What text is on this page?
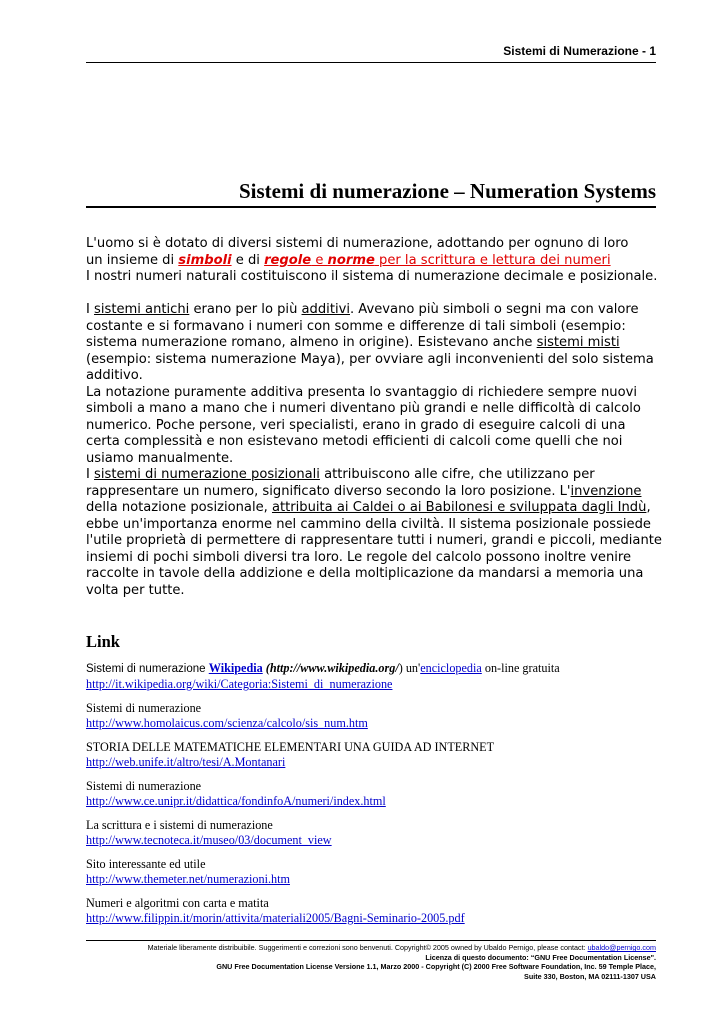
Sistemi di Numerazione - 1
Sistemi di numerazione – Numeration Systems

L'uomo si è dotato di diversi sistemi di numerazione, adottando per ognuno di loro
un insieme di simboli e di regole e norme per la scrittura e lettura dei numeri
I nostri numeri naturali costituiscono il sistema di numerazione decimale e posizionale.

I sistemi antichi erano per lo più additivi. Avevano più simboli o segni ma con valore costante e si formavano i numeri con somme e differenze di tali simboli (esempio: sistema numerazione romano, almeno in origine). Esistevano anche sistemi misti (esempio: sistema numerazione Maya), per ovviare agli inconvenienti del solo sistema additivo.

La notazione puramente additiva presenta lo svantaggio di richiedere sempre nuovi simboli a mano a mano che i numeri diventano più grandi e nelle difficoltà di calcolo numerico. Poche persone, veri specialisti, erano in grado di eseguire calcoli di una certa complessità e non esistevano metodi efficienti di calcoli come quelli che noi usiamo manualmente.

I sistemi di numerazione posizionali attribuiscono alle cifre, che utilizzano per rappresentare un numero, significato diverso secondo la loro posizione. L'invenzione della notazione posizionale, attribuita ai Caldei o ai Babilonesi e sviluppata dagli Indù, ebbe un'importanza enorme nel cammino della civiltà. Il sistema posizionale possiede l'utile proprietà di permettere di rappresentare tutti i numeri, grandi e piccoli, mediante insiemi di pochi simboli diversi tra loro. Le regole del calcolo possono inoltre venire raccolte in tavole della addizione e della moltiplicazione da mandarsi a memoria una volta per tutte.

Link
Sistemi di numerazione Wikipedia (http://www.wikipedia.org/) un'enciclopedia on-line gratuita
http://it.wikipedia.org/wiki/Categoria:Sistemi_di_numerazione
Sistemi di numerazione
http://www.homolaicus.com/scienza/calcolo/sis_num.htm
STORIA DELLE MATEMATICHE ELEMENTARI UNA GUIDA AD INTERNET
http://web.unife.it/altro/tesi/A.Montanari
Sistemi di numerazione
http://www.ce.unipr.it/didattica/fondinfoA/numeri/index.html
La scrittura e i sistemi di numerazione
http://www.tecnoteca.it/museo/03/document_view
Sito interessante ed utile
http://www.themeter.net/numerazioni.htm
Numeri e algoritmi con carta e matita
http://www.filippin.it/morin/attivita/materiali2005/Bagni-Seminario-2005.pdf
Materiale liberamente distribuibile. Suggerimenti e correzioni sono benvenuti. Copyright© 2005 owned by Ubaldo Pernigo, please contact: ubaldo@pernigo.com
Licenza di questo documento: “GNU Free Documentation License".
GNU Free Documentation License Versione 1.1, Marzo 2000 - Copyright (C) 2000 Free Software Foundation, Inc. 59 Temple Place,
Suite 330, Boston, MA 02111-1307 USA
